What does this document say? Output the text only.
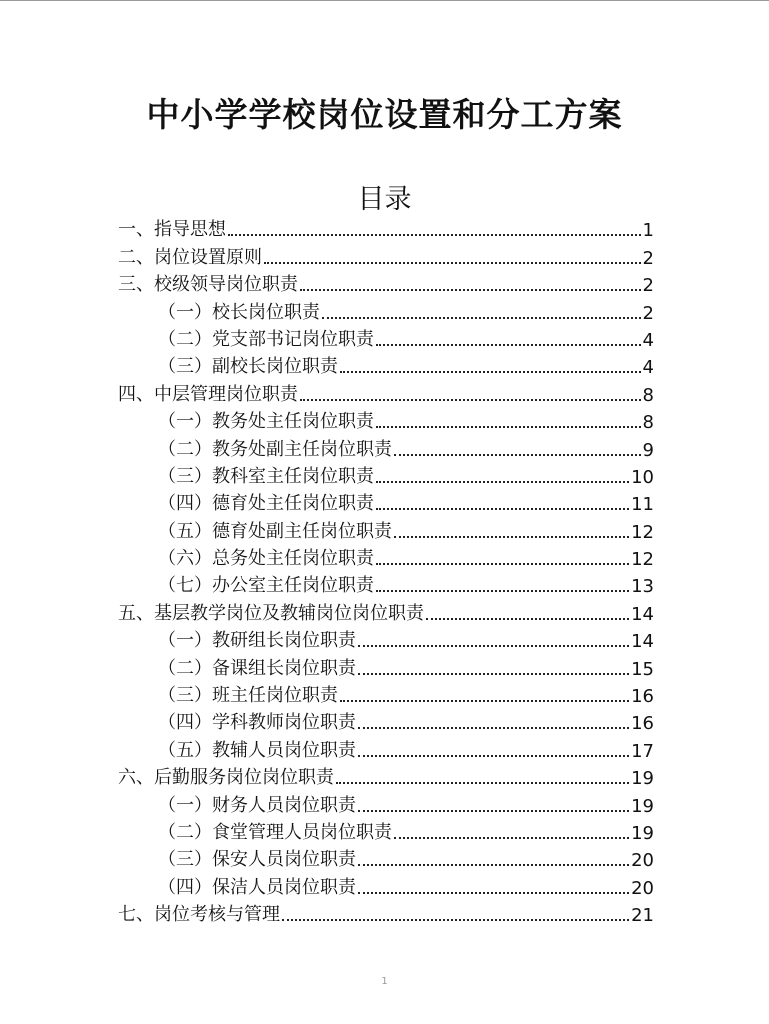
中小学学校岗位设置和分工方案
目录
一、指导思想	1
二、岗位设置原则	2
三、校级领导岗位职责	2
（一）校长岗位职责	2
（二）党支部书记岗位职责	4
（三）副校长岗位职责	4
四、中层管理岗位职责	8
（一）教务处主任岗位职责	8
（二）教务处副主任岗位职责	9
（三）教科室主任岗位职责	10
（四）德育处主任岗位职责	11
（五）德育处副主任岗位职责	12
（六）总务处主任岗位职责	12
（七）办公室主任岗位职责	13
五、基层教学岗位及教辅岗位岗位职责	14
（一）教研组长岗位职责	14
（二）备课组长岗位职责	15
（三）班主任岗位职责	16
（四）学科教师岗位职责	16
（五）教辅人员岗位职责	17
六、后勤服务岗位岗位职责	19
（一）财务人员岗位职责	19
（二）食堂管理人员岗位职责	19
（三）保安人员岗位职责	20
（四）保洁人员岗位职责	20
七、岗位考核与管理	21
1
